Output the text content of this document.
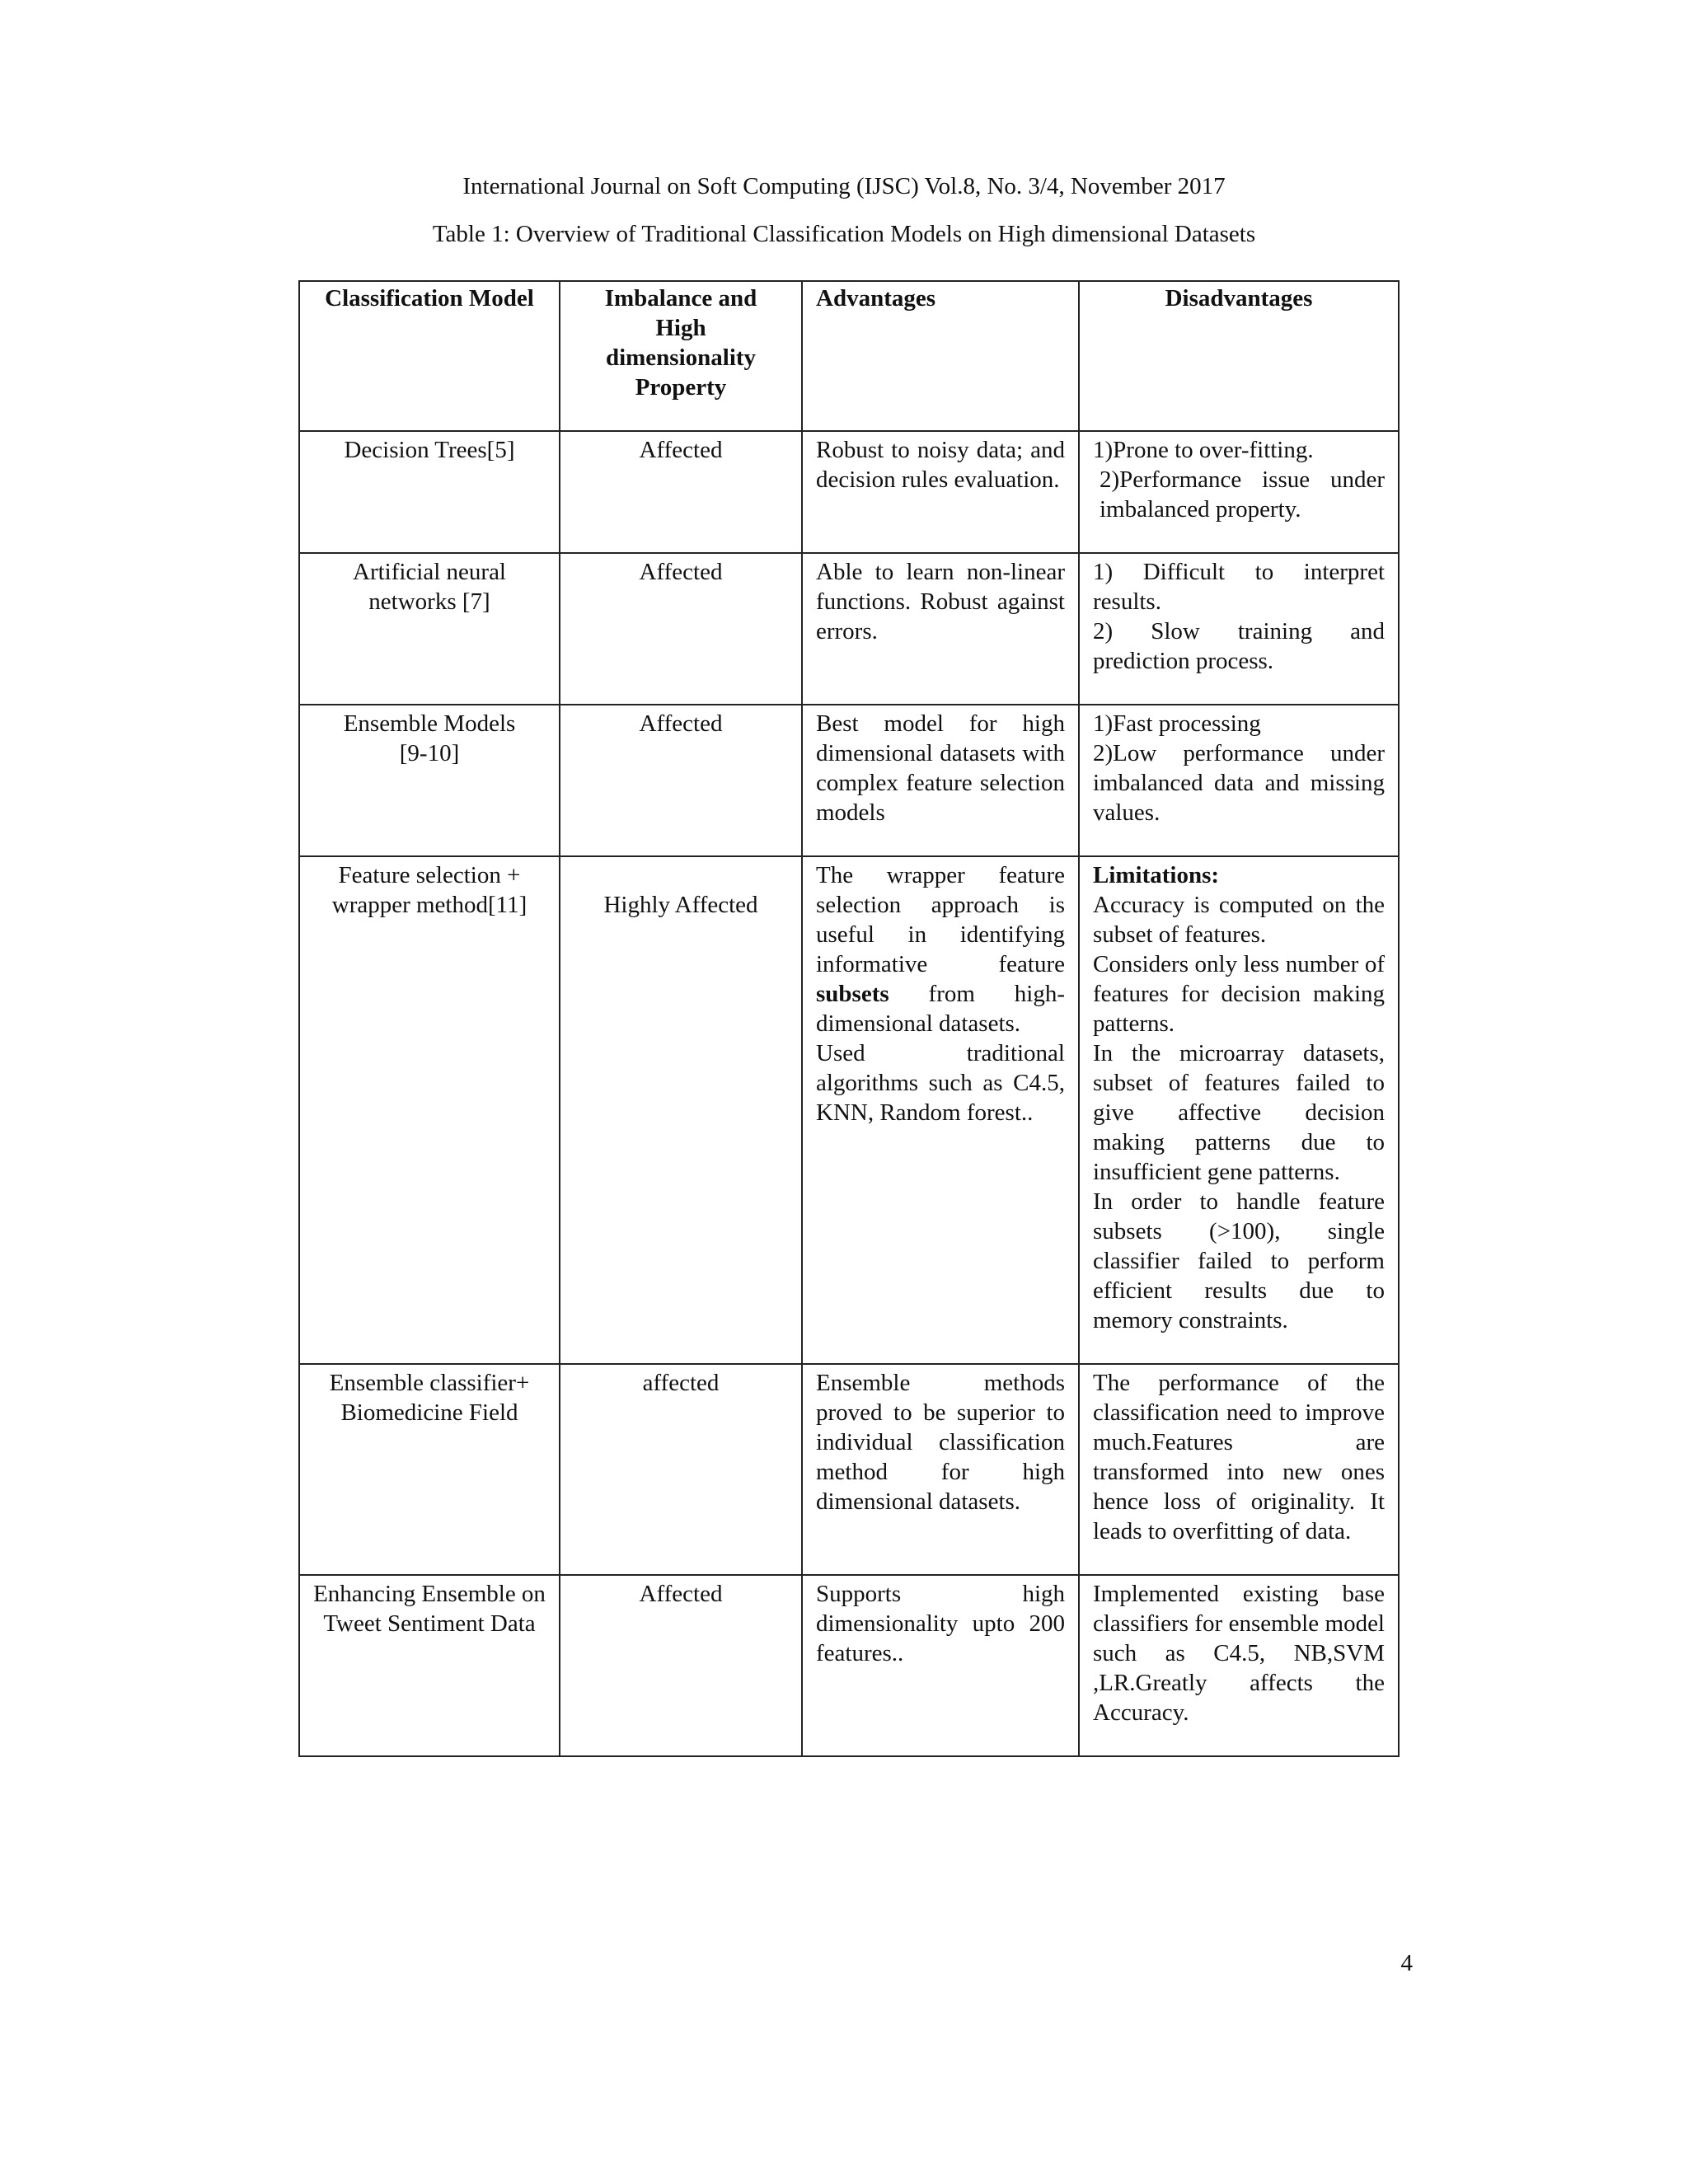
International Journal on Soft Computing (IJSC) Vol.8, No. 3/4, November 2017
Table 1: Overview of Traditional Classification Models on High dimensional Datasets
Classification Model	Imbalance and High dimensionality Property	Advantages	Disadvantages
Decision Trees[5]	Affected	Robust to noisy data; and decision rules evaluation.	1)Prone to over-fitting.
2)Performance issue under imbalanced property.

Artificial neural networks [7]	Affected	Able to learn non-linear functions. Robust against errors.	1) Difficult to interpret results.
2) Slow training and prediction process.

Ensemble Models [9-10]	Affected	Best model for high dimensional datasets with complex feature selection models	1)Fast processing
2)Low performance under imbalanced data and missing values.

Feature selection + wrapper method[11]	Highly Affected	The wrapper feature selection approach is useful in identifying informative feature subsets from high-dimensional datasets.
Used traditional algorithms such as C4.5, KNN, Random forest..	Limitations:
Accuracy is computed on the subset of features.
Considers only less number of features for decision making patterns.
In the microarray datasets, subset of features failed to give affective decision making patterns due to insufficient gene patterns.
In order to handle feature subsets (>100), single classifier failed to perform efficient results due to memory constraints.

Ensemble classifier+ Biomedicine Field	affected	Ensemble methods proved to be superior to individual classification method for high dimensional datasets.	The performance of the classification need to improve much.Features are transformed into new ones hence loss of originality. It leads to overfitting of data.

Enhancing Ensemble on Tweet Sentiment Data	Affected	Supports high dimensionality upto 200 features..	Implemented existing base classifiers for ensemble model such as C4.5, NB,SVM ,LR.Greatly affects the Accuracy.
4
